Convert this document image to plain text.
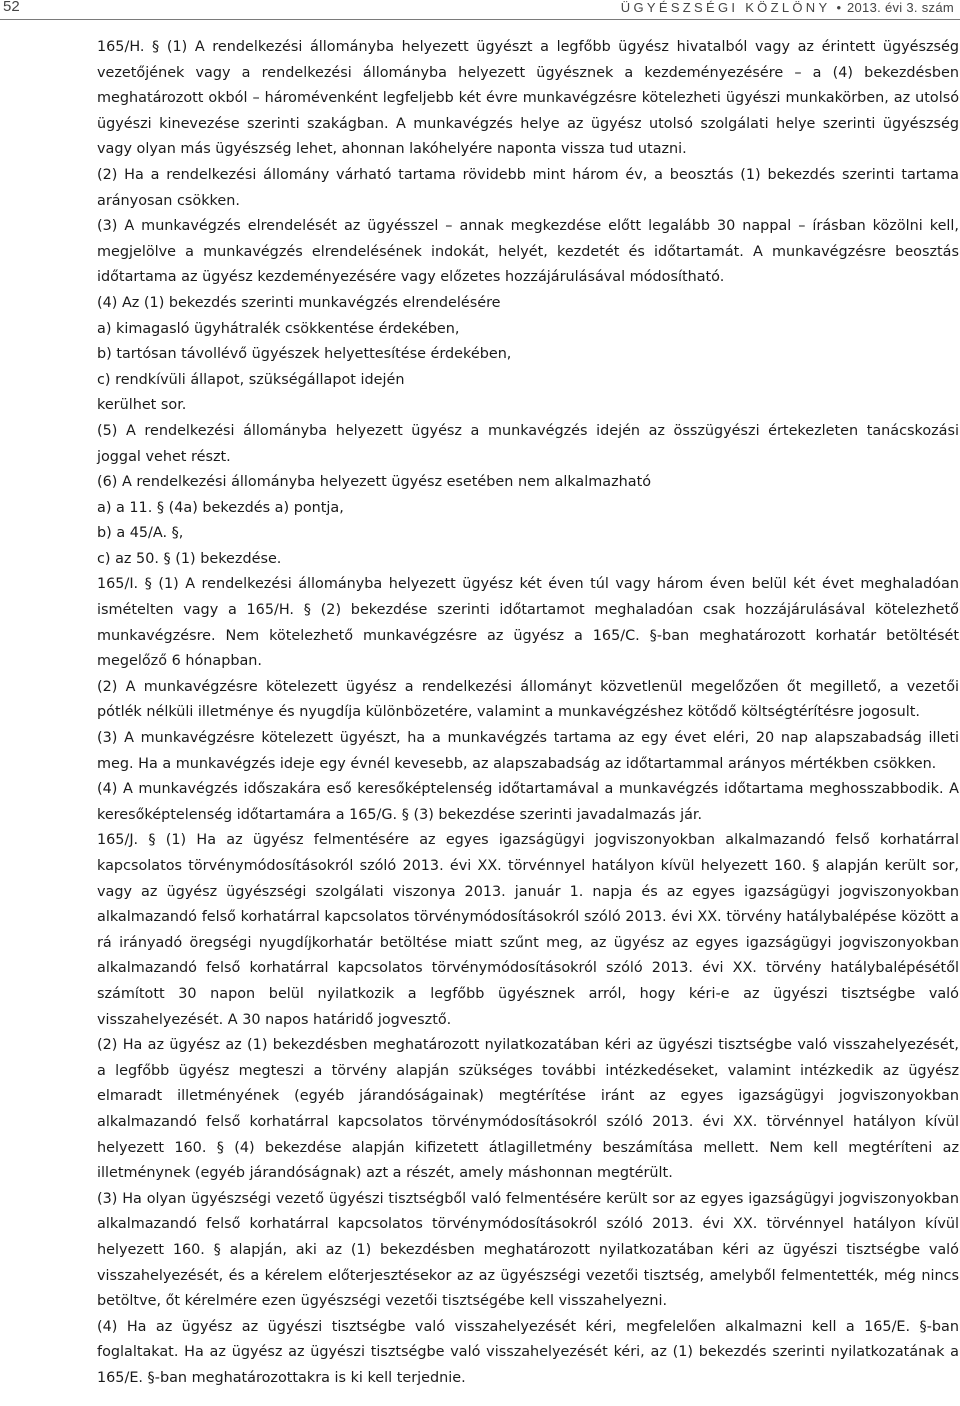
52	ÜGYÉSZSÉGI KÖZLÖNY • 2013. évi 3. szám

165/H. § (1) A rendelkezési állományba helyezett ügyészt a legfőbb ügyész hivatalból vagy az érintett ügyészség vezetőjének vagy a rendelkezési állományba helyezett ügyésznek a kezdeményezésére – a (4) bekezdésben meghatározott okból – háromévenként legfeljebb két évre munkavégzésre kötelezheti ügyészi munkakörben, az utolsó ügyészi kinevezése szerinti szakágban. A munkavégzés helye az ügyész utolsó szolgálati helye szerinti ügyészség vagy olyan más ügyészség lehet, ahonnan lakóhelyére naponta vissza tud utazni.

(2) Ha a rendelkezési állomány várható tartama rövidebb mint három év, a beosztás (1) bekezdés szerinti tartama arányosan csökken.

(3) A munkavégzés elrendelését az ügyésszel – annak megkezdése előtt legalább 30 nappal – írásban közölni kell, megjelölve a munkavégzés elrendelésének indokát, helyét, kezdetét és időtartamát. A munkavégzésre beosztás időtartama az ügyész kezdeményezésére vagy előzetes hozzájárulásával módosítható.

(4) Az (1) bekezdés szerinti munkavégzés elrendelésére

a) kimagasló ügyhátralék csökkentése érdekében,

b) tartósan távollévő ügyészek helyettesítése érdekében,

c) rendkívüli állapot, szükségállapot idején

kerülhet sor.

(5) A rendelkezési állományba helyezett ügyész a munkavégzés idején az összügyészi értekezleten tanácskozási joggal vehet részt.

(6) A rendelkezési állományba helyezett ügyész esetében nem alkalmazható

a) a 11. § (4a) bekezdés a) pontja,

b) a 45/A. §,

c) az 50. § (1) bekezdése.

165/I. § (1) A rendelkezési állományba helyezett ügyész két éven túl vagy három éven belül két évet meghaladóan ismételten vagy a 165/H. § (2) bekezdése szerinti időtartamot meghaladóan csak hozzájárulásával kötelezhető munkavégzésre. Nem kötelezhető munkavégzésre az ügyész a 165/C. §-ban meghatározott korhatár betöltését megelőző 6 hónapban.

(2) A munkavégzésre kötelezett ügyész a rendelkezési állományt közvetlenül megelőzően őt megillető, a vezetői pótlék nélküli illetménye és nyugdíja különbözetére, valamint a munkavégzéshez kötődő költségtérítésre jogosult.

(3) A munkavégzésre kötelezett ügyészt, ha a munkavégzés tartama az egy évet eléri, 20 nap alapszabadság illeti meg. Ha a munkavégzés ideje egy évnél kevesebb, az alapszabadság az időtartammal arányos mértékben csökken.

(4) A munkavégzés időszakára eső keresőképtelenség időtartamával a munkavégzés időtartama meghosszabbodik. A keresőképtelenség időtartamára a 165/G. § (3) bekezdése szerinti javadalmazás jár.

165/J. § (1) Ha az ügyész felmentésére az egyes igazságügyi jogviszonyokban alkalmazandó felső korhatárral kapcsolatos törvénymódosításokról szóló 2013. évi XX. törvénnyel hatályon kívül helyezett 160. § alapján került sor, vagy az ügyész ügyészségi szolgálati viszonya 2013. január 1. napja és az egyes igazságügyi jogviszonyokban alkalmazandó felső korhatárral kapcsolatos törvénymódosításokról szóló 2013. évi XX. törvény hatálybalépése között a rá irányadó öregségi nyugdíjkorhatár betöltése miatt szűnt meg, az ügyész az egyes igazságügyi jogviszonyokban alkalmazandó felső korhatárral kapcsolatos törvénymódosításokról szóló 2013. évi XX. törvény hatálybalépésétől számított 30 napon belül nyilatkozik a legfőbb ügyésznek arról, hogy kéri-e az ügyészi tisztségbe való visszahelyezését. A 30 napos határidő jogvesztő.

(2) Ha az ügyész az (1) bekezdésben meghatározott nyilatkozatában kéri az ügyészi tisztségbe való visszahelyezését, a legfőbb ügyész megteszi a törvény alapján szükséges további intézkedéseket, valamint intézkedik az ügyész elmaradt illetményének (egyéb járandóságainak) megtérítése iránt az egyes igazságügyi jogviszonyokban alkalmazandó felső korhatárral kapcsolatos törvénymódosításokról szóló 2013. évi XX. törvénnyel hatályon kívül helyezett 160. § (4) bekezdése alapján kifizetett átlagilletmény beszámítása mellett. Nem kell megtéríteni az illetménynek (egyéb járandóságnak) azt a részét, amely máshonnan megtérült.

(3) Ha olyan ügyészségi vezető ügyészi tisztségből való felmentésére került sor az egyes igazságügyi jogviszonyokban alkalmazandó felső korhatárral kapcsolatos törvénymódosításokról szóló 2013. évi XX. törvénnyel hatályon kívül helyezett 160. § alapján, aki az (1) bekezdésben meghatározott nyilatkozatában kéri az ügyészi tisztségbe való visszahelyezését, és a kérelem előterjesztésekor az az ügyészségi vezetői tisztség, amelyből felmentették, még nincs betöltve, őt kérelmére ezen ügyészségi vezetői tisztségébe kell visszahelyezni.

(4) Ha az ügyész az ügyészi tisztségbe való visszahelyezését kéri, megfelelően alkalmazni kell a 165/E. §-ban foglaltakat. Ha az ügyész az ügyészi tisztségbe való visszahelyezését kéri, az (1) bekezdés szerinti nyilatkozatának a 165/E. §-ban meghatározottakra is ki kell terjednie.
